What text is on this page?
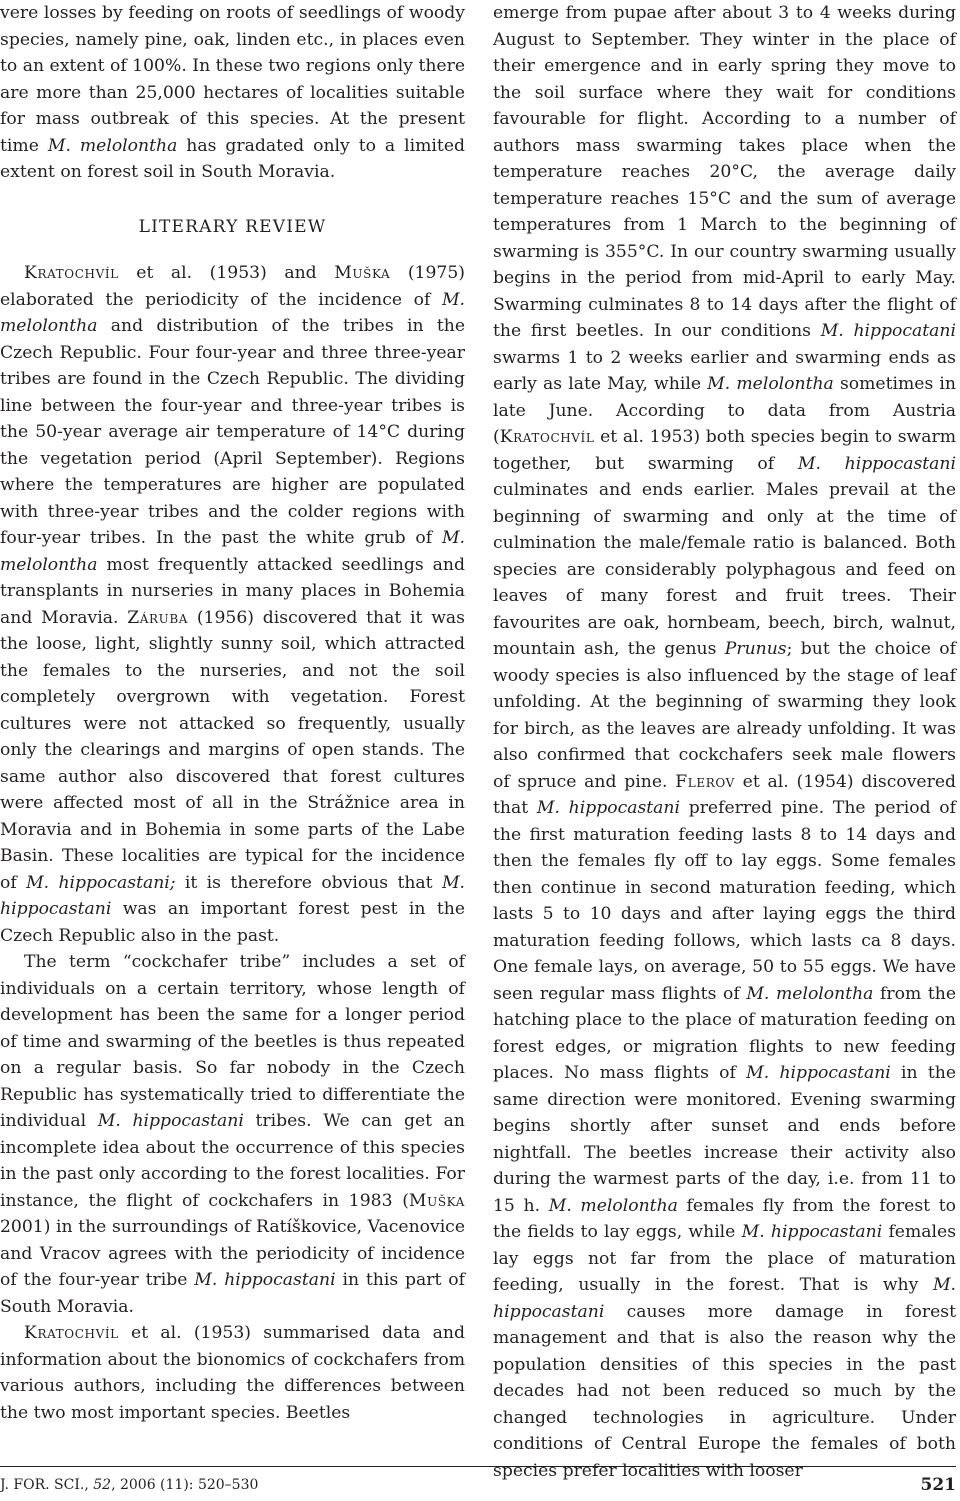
vere losses by feeding on roots of seedlings of woody species, namely pine, oak, linden etc., in places even to an extent of 100%. In these two regions only there are more than 25,000 hectares of localities suitable for mass outbreak of this species. At the present time M. melolontha has gradated only to a limited extent on forest soil in South Moravia.

LITERARY REVIEW

Kratochvíl et al. (1953) and Muška (1975) elaborated the periodicity of the incidence of M. melolontha and distribution of the tribes in the Czech Republic. Four four-year and three three-year tribes are found in the Czech Republic. The dividing line between the four-year and three-year tribes is the 50-year average air temperature of 14°C during the vegetation period (April September). Regions where the temperatures are higher are populated with three-year tribes and the colder regions with four-year tribes. In the past the white grub of M. melolontha most frequently attacked seedlings and transplants in nurseries in many places in Bohemia and Moravia. Záruba (1956) discovered that it was the loose, light, slightly sunny soil, which attracted the females to the nurseries, and not the soil completely overgrown with vegetation. Forest cultures were not attacked so frequently, usually only the clearings and margins of open stands. The same author also discovered that forest cultures were affected most of all in the Strážnice area in Moravia and in Bohemia in some parts of the Labe Basin. These localities are typical for the incidence of M. hippocastani; it is therefore obvious that M. hippocastani was an important forest pest in the Czech Republic also in the past.

The term “cockchafer tribe” includes a set of individuals on a certain territory, whose length of development has been the same for a longer period of time and swarming of the beetles is thus repeated on a regular basis. So far nobody in the Czech Republic has systematically tried to differentiate the individual M. hippocastani tribes. We can get an incomplete idea about the occurrence of this species in the past only according to the forest localities. For instance, the flight of cockchafers in 1983 (Muška 2001) in the surroundings of Ratíškovice, Vacenovice and Vracov agrees with the periodicity of incidence of the four-year tribe M. hippocastani in this part of South Moravia.

Kratochvíl et al. (1953) summarised data and information about the bionomics of cockchafers from various authors, including the differences between the two most important species. Beetles

emerge from pupae after about 3 to 4 weeks during August to September. They winter in the place of their emergence and in early spring they move to the soil surface where they wait for conditions favourable for flight. According to a number of authors mass swarming takes place when the temperature reaches 20°C, the average daily temperature reaches 15°C and the sum of average temperatures from 1 March to the beginning of swarming is 355°C. In our country swarming usually begins in the period from mid-April to early May. Swarming culminates 8 to 14 days after the flight of the first beetles. In our conditions M. hippocatani swarms 1 to 2 weeks earlier and swarming ends as early as late May, while M. melolontha sometimes in late June. According to data from Austria (Kratochvíl et al. 1953) both species begin to swarm together, but swarming of M. hippocastani culminates and ends earlier. Males prevail at the beginning of swarming and only at the time of culmination the male/female ratio is balanced. Both species are considerably polyphagous and feed on leaves of many forest and fruit trees. Their favourites are oak, hornbeam, beech, birch, walnut, mountain ash, the genus Prunus; but the choice of woody species is also influenced by the stage of leaf unfolding. At the beginning of swarming they look for birch, as the leaves are already unfolding. It was also confirmed that cockchafers seek male flowers of spruce and pine. Flerov et al. (1954) discovered that M. hippocastani preferred pine. The period of the first maturation feeding lasts 8 to 14 days and then the females fly off to lay eggs. Some females then continue in second maturation feeding, which lasts 5 to 10 days and after laying eggs the third maturation feeding follows, which lasts ca 8 days. One female lays, on average, 50 to 55 eggs. We have seen regular mass flights of M. melolontha from the hatching place to the place of maturation feeding on forest edges, or migration flights to new feeding places. No mass flights of M. hippocastani in the same direction were monitored. Evening swarming begins shortly after sunset and ends before nightfall. The beetles increase their activity also during the warmest parts of the day, i.e. from 11 to 15 h. M. melolontha females fly from the forest to the fields to lay eggs, while M. hippocastani females lay eggs not far from the place of maturation feeding, usually in the forest. That is why M. hippocastani causes more damage in forest management and that is also the reason why the population densities of this species in the past decades had not been reduced so much by the changed technologies in agriculture. Under conditions of Central Europe the females of both species prefer localities with looser

J. FOR. SCI., 52, 2006 (11): 520–530	521
